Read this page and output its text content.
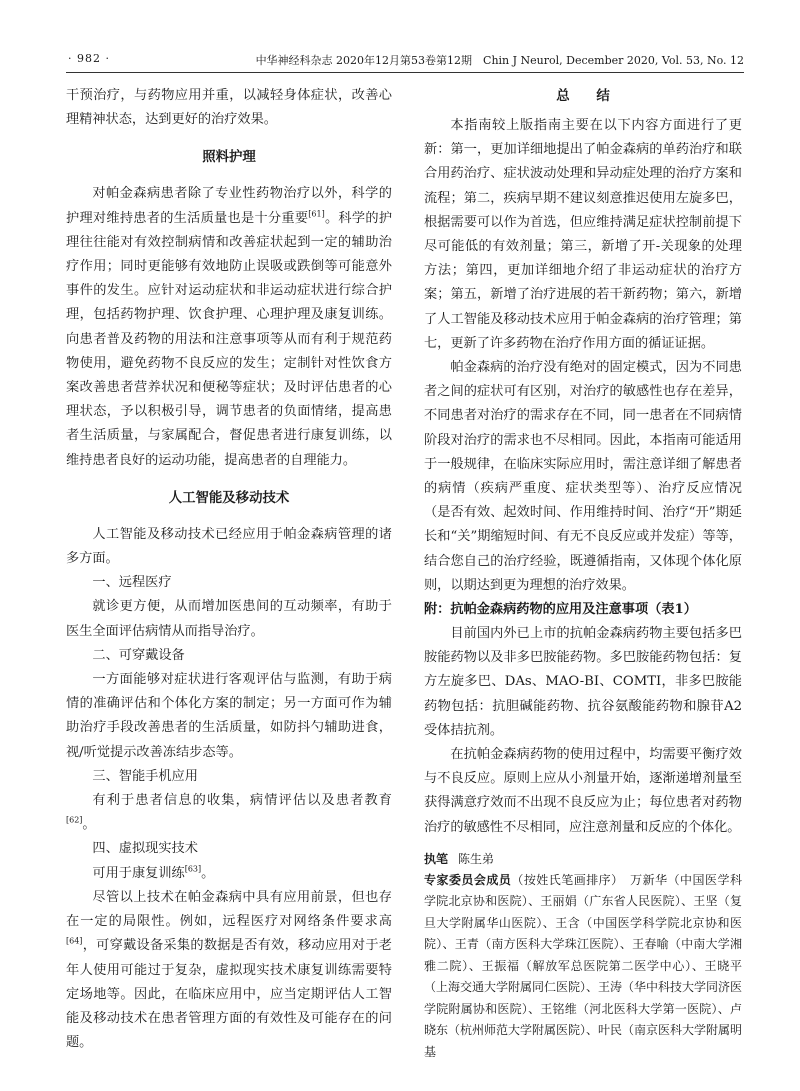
· 982 ·	中华神经科杂志 2020年12月第53卷第12期　Chin J Neurol, December 2020, Vol. 53, No. 12

干预治疗，与药物应用并重，以减轻身体症状，改善心理精神状态，达到更好的治疗效果。

照料护理

对帕金森病患者除了专业性药物治疗以外，科学的护理对维持患者的生活质量也是十分重要[61]。科学的护理往往能对有效控制病情和改善症状起到一定的辅助治疗作用；同时更能够有效地防止误吸或跌倒等可能意外事件的发生。应针对运动症状和非运动症状进行综合护理，包括药物护理、饮食护理、心理护理及康复训练。向患者普及药物的用法和注意事项等从而有利于规范药物使用，避免药物不良反应的发生；定制针对性饮食方案改善患者营养状况和便秘等症状；及时评估患者的心理状态，予以积极引导，调节患者的负面情绪，提高患者生活质量，与家属配合，督促患者进行康复训练，以维持患者良好的运动功能，提高患者的自理能力。

人工智能及移动技术

人工智能及移动技术已经应用于帕金森病管理的诸多方面。

一、远程医疗

就诊更方便，从而增加医患间的互动频率，有助于医生全面评估病情从而指导治疗。

二、可穿戴设备

一方面能够对症状进行客观评估与监测，有助于病情的准确评估和个体化方案的制定；另一方面可作为辅助治疗手段改善患者的生活质量，如防抖勺辅助进食，视/听觉提示改善冻结步态等。

三、智能手机应用

有利于患者信息的收集，病情评估以及患者教育[62]。

四、虚拟现实技术

可用于康复训练[63]。

尽管以上技术在帕金森病中具有应用前景，但也存在一定的局限性。例如，远程医疗对网络条件要求高[64]，可穿戴设备采集的数据是否有效，移动应用对于老年人使用可能过于复杂，虚拟现实技术康复训练需要特定场地等。因此，在临床应用中，应当定期评估人工智能及移动技术在患者管理方面的有效性及可能存在的问题。

总结

本指南较上版指南主要在以下内容方面进行了更新：第一，更加详细地提出了帕金森病的单药治疗和联合用药治疗、症状波动处理和异动症处理的治疗方案和流程；第二，疾病早期不建议刻意推迟使用左旋多巴，根据需要可以作为首选，但应维持满足症状控制前提下尽可能低的有效剂量；第三，新增了开-关现象的处理方法；第四，更加详细地介绍了非运动症状的治疗方案；第五，新增了治疗进展的若干新药物；第六，新增了人工智能及移动技术应用于帕金森病的治疗管理；第七，更新了许多药物在治疗作用方面的循证证据。

帕金森病的治疗没有绝对的固定模式，因为不同患者之间的症状可有区别，对治疗的敏感性也存在差异，不同患者对治疗的需求存在不同，同一患者在不同病情阶段对治疗的需求也不尽相同。因此，本指南可能适用于一般规律，在临床实际应用时，需注意详细了解患者的病情（疾病严重度、症状类型等）、治疗反应情况（是否有效、起效时间、作用维持时间、治疗“开”期延长和“关”期缩短时间、有无不良反应或并发症）等等，结合您自己的治疗经验，既遵循指南，又体现个体化原则，以期达到更为理想的治疗效果。

附：抗帕金森病药物的应用及注意事项（表1）

目前国内外已上市的抗帕金森病药物主要包括多巴胺能药物以及非多巴胺能药物。多巴胺能药物包括：复方左旋多巴、DAs、MAO-BI、COMTI，非多巴胺能药物包括：抗胆碱能药物、抗谷氨酸能药物和腺苷A2受体拮抗剂。

在抗帕金森病药物的使用过程中，均需要平衡疗效与不良反应。原则上应从小剂量开始，逐渐递增剂量至获得满意疗效而不出现不良反应为止；每位患者对药物治疗的敏感性不尽相同，应注意剂量和反应的个体化。

执笔 陈生弟
专家委员会成员（按姓氏笔画排序）　 万新华（中国医学科学院北京协和医院）、王丽娟（广东省人民医院）、王坚（复旦大学附属华山医院）、王含（中国医学科学院北京协和医院）、王青（南方医科大学珠江医院）、王春喻（中南大学湘雅二院）、王振福（解放军总医院第二医学中心）、王晓平（上海交通大学附属同仁医院）、王涛（华中科技大学同济医学院附属协和医院）、王铭维（河北医科大学第一医院）、卢晓东（杭州师范大学附属医院）、叶民（南京医科大学附属明基
